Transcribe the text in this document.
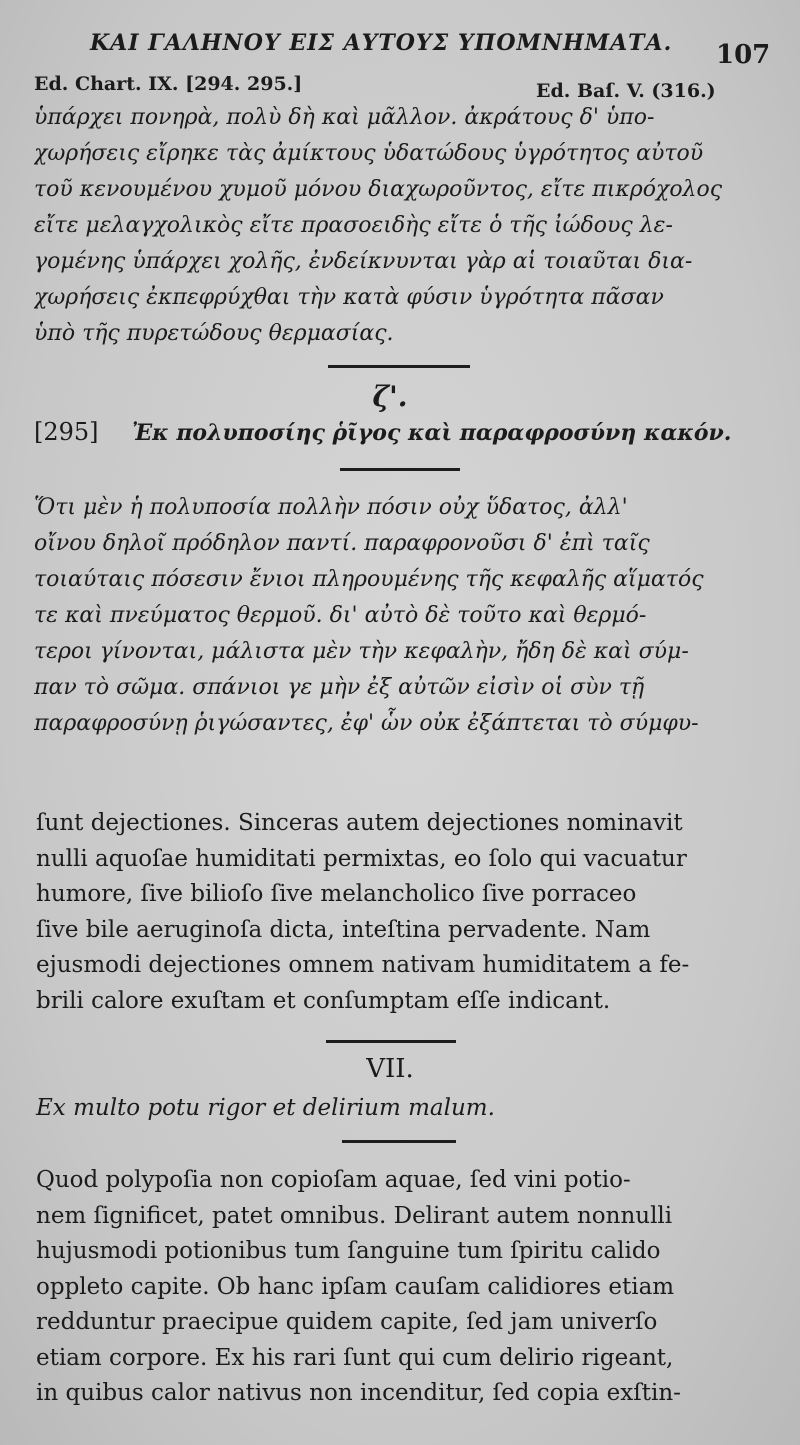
ΚΑΙ ΓΑΛΗΝΟΥ ΕΙΣ ΑΥΤΟΥΣ ΥΠΟΜΝΗΜΑΤΑ. 107
Ed. Chart. IX. [294. 295.]	Ed. Baſ. V. (316.)
ὑπάρχει πονηρὰ, πολὺ δὴ καὶ μᾶλλον. ἀκράτους δ' ὑπο-
χωρήσεις εἴρηκε τὰς ἀμίκτους ὑδατώδους ὑγρότητος αὐτοῦ
τοῦ κενουμένου χυμοῦ μόνου διαχωροῦντος, εἴτε πικρόχολος
εἴτε μελαγχολικὸς εἴτε πρασοειδὴς εἴτε ὁ τῆς ἰώδους λε-
γομένης ὑπάρχει χολῆς, ἐνδείκνυνται γὰρ αἱ τοιαῦται δια-
χωρήσεις ἐκπεφρύχθαι τὴν κατὰ φύσιν ὑγρότητα πᾶσαν
ὑπὸ τῆς πυρετώδους θερμασίας.
ζ'.
[295] Ἐκ πολυποσίης ῥῖγος καὶ παραφροσύνη κακόν.
Ὅτι μὲν ἡ πολυποσία πολλὴν πόσιν οὐχ ὕδατος, ἀλλ'
οἴνου δηλοῖ πρόδηλον παντί. παραφρονοῦσι δ' ἐπὶ ταῖς
τοιαύταις πόσεσιν ἔνιοι πληρουμένης τῆς κεφαλῆς αἵματός
τε καὶ πνεύματος θερμοῦ. δι' αὐτὸ δὲ τοῦτο καὶ θερμό-
τεροι γίνονται, μάλιστα μὲν τὴν κεφαλὴν, ἤδη δὲ καὶ σύμ-
παν τὸ σῶμα. σπάνιοι γε μὴν ἐξ αὐτῶν εἰσὶν οἱ σὺν τῇ
παραφροσύνῃ ῥιγώσαντες, ἐφ' ὧν οὐκ ἐξάπτεται τὸ σύμφυ-
ſunt dejectiones. Sinceras autem dejectiones nominavit
nulli aquoſae humiditati permixtas, eo ſolo qui vacuatur
humore, ſive bilioſo ſive melancholico ſive porraceo
ſive bile aeruginoſa dicta, inteſtina pervadente. Nam
ejusmodi dejectiones omnem nativam humiditatem a fe-
brili calore exuſtam et conſumptam eſſe indicant.
VII.
Ex multo potu rigor et delirium malum.
Quod polypoſia non copioſam aquae, ſed vini potio-
nem ſignificet, patet omnibus. Delirant autem nonnulli
hujusmodi potionibus tum ſanguine tum ſpiritu calido
oppleto capite. Ob hanc ipſam cauſam calidiores etiam
redduntur praecipue quidem capite, ſed jam univerſo
etiam corpore. Ex his rari ſunt qui cum delirio rigeant,
in quibus calor nativus non incenditur, ſed copia exſtin-
